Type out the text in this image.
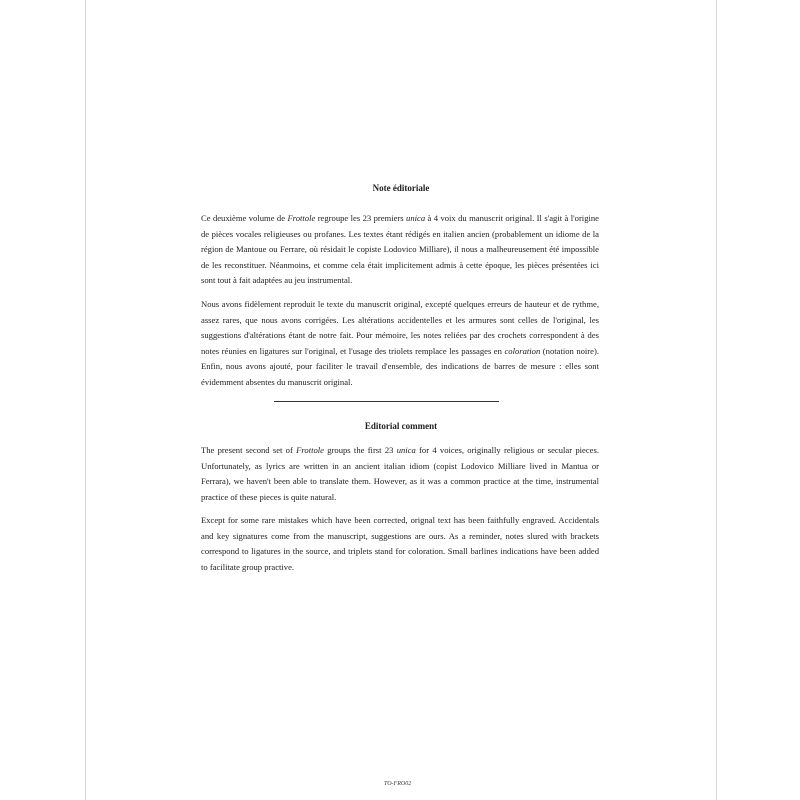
Note éditoriale
Ce deuxième volume de Frottole regroupe les 23 premiers unica à 4 voix du manuscrit original. Il s'agit à l'origine de pièces vocales religieuses ou profanes. Les textes étant rédigés en italien ancien (probablement un idiome de la région de Mantoue ou Ferrare, où résidait le copiste Lodovico Milliare), il nous a malheureusement été impossible de les reconstituer. Néanmoins, et comme cela était implicitement admis à cette époque, les pièces présentées ici sont tout à fait adaptées au jeu instrumental.
Nous avons fidèlement reproduit le texte du manuscrit original, excepté quelques erreurs de hauteur et de rythme, assez rares, que nous avons corrigées. Les altérations accidentelles et les armures sont celles de l'original, les suggestions d'altérations étant de notre fait. Pour mémoire, les notes reliées par des crochets correspondent à des notes réunies en ligatures sur l'original, et l'usage des triolets remplace les passages en coloration (notation noire). Enfin, nous avons ajouté, pour faciliter le travail d'ensemble, des indications de barres de mesure : elles sont évidemment absentes du manuscrit original.
Editorial comment
The present second set of Frottole groups the first 23 unica for 4 voices, originally religious or secular pieces. Unfortunately, as lyrics are written in an ancient italian idiom (copist Lodovico Milliare lived in Mantua or Ferrara), we haven't been able to translate them. However, as it was a common practice at the time, instrumental practice of these pieces is quite natural.
Except for some rare mistakes which have been corrected, orignal text has been faithfully engraved. Accidentals and key signatures come from the manuscript, suggestions are ours. As a reminder, notes slured with brackets correspond to ligatures in the source, and triplets stand for coloration. Small barlines indications have been added to facilitate group practive.
TO-FRO02
